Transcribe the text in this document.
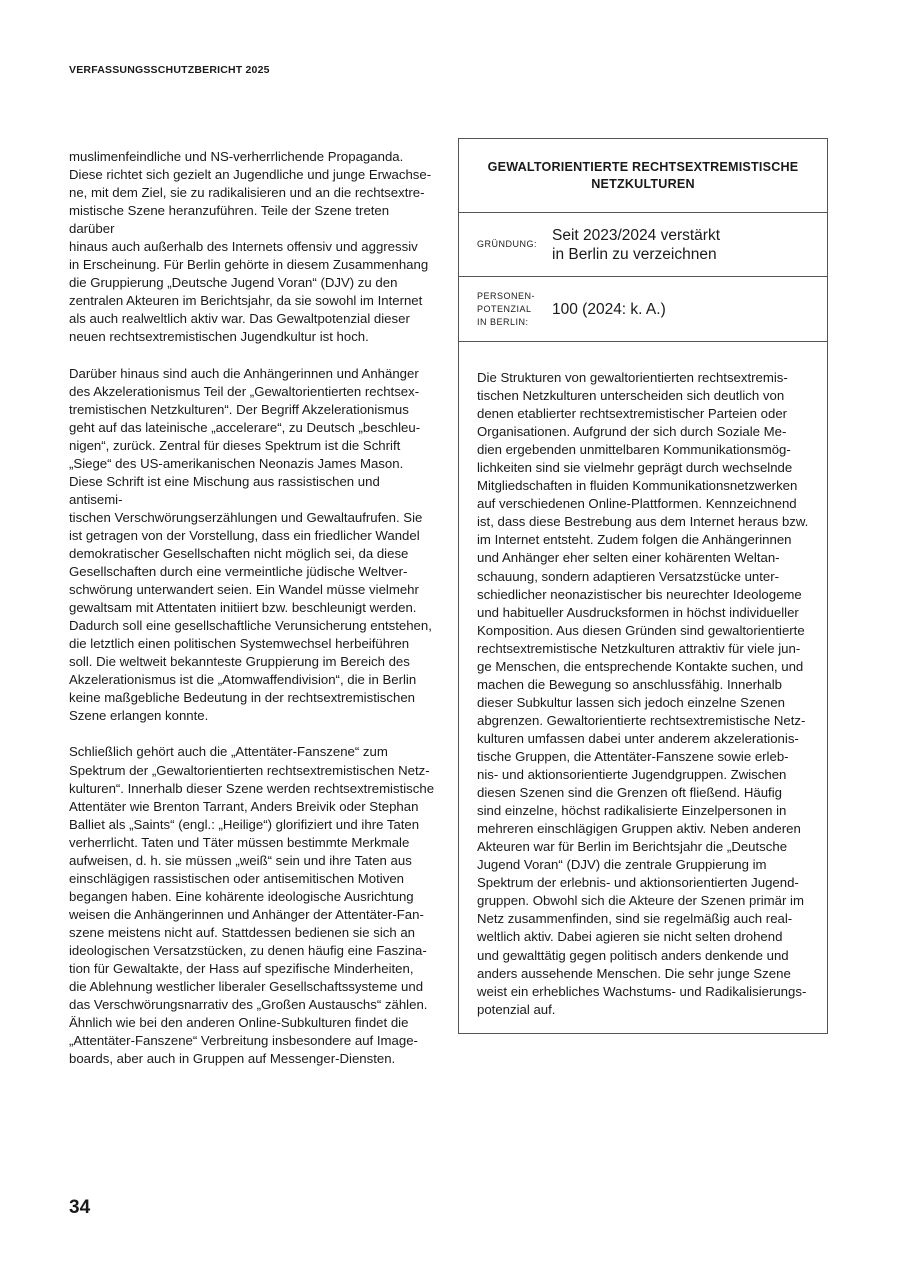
VERFASSUNGSSCHUTZBERICHT 2025

muslimenfeindliche und NS-verherrlichende Propaganda.
Diese richtet sich gezielt an Jugendliche und junge Erwachse-
ne, mit dem Ziel, sie zu radikalisieren und an die rechtsextre-
mistische Szene heranzuführen. Teile der Szene treten darüber
hinaus auch außerhalb des Internets offensiv und aggressiv
in Erscheinung. Für Berlin gehörte in diesem Zusammenhang
die Gruppierung „Deutsche Jugend Voran“ (DJV) zu den
zentralen Akteuren im Berichtsjahr, da sie sowohl im Internet
als auch realweltlich aktiv war. Das Gewaltpotenzial dieser
neuen rechtsextremistischen Jugendkultur ist hoch.

Darüber hinaus sind auch die Anhängerinnen und Anhänger
des Akzelerationismus Teil der „Gewaltorientierten rechtsex-
tremistischen Netzkulturen“. Der Begriff Akzelerationismus
geht auf das lateinische „accelerare“, zu Deutsch „beschleu-
nigen“, zurück. Zentral für dieses Spektrum ist die Schrift
„Siege“ des US-amerikanischen Neonazis James Mason.
Diese Schrift ist eine Mischung aus rassistischen und antisemi-
tischen Verschwörungserzählungen und Gewaltaufrufen. Sie
ist getragen von der Vorstellung, dass ein friedlicher Wandel
demokratischer Gesellschaften nicht möglich sei, da diese
Gesellschaften durch eine vermeintliche jüdische Weltver-
schwörung unterwandert seien. Ein Wandel müsse vielmehr
gewaltsam mit Attentaten initiiert bzw. beschleunigt werden.
Dadurch soll eine gesellschaftliche Verunsicherung entstehen,
die letztlich einen politischen Systemwechsel herbeiführen
soll. Die weltweit bekannteste Gruppierung im Bereich des
Akzelerationismus ist die „Atomwaffendivision“, die in Berlin
keine maßgebliche Bedeutung in der rechtsextremistischen
Szene erlangen konnte.

Schließlich gehört auch die „Attentäter-Fanszene“ zum
Spektrum der „Gewaltorientierten rechtsextremistischen Netz-
kulturen“. Innerhalb dieser Szene werden rechtsextremistische
Attentäter wie Brenton Tarrant, Anders Breivik oder Stephan
Balliet als „Saints“ (engl.: „Heilige“) glorifiziert und ihre Taten
verherrlicht. Taten und Täter müssen bestimmte Merkmale
aufweisen, d. h. sie müssen „weiß“ sein und ihre Taten aus
einschlägigen rassistischen oder antisemitischen Motiven
begangen haben. Eine kohärente ideologische Ausrichtung
weisen die Anhängerinnen und Anhänger der Attentäter-Fan-
szene meistens nicht auf. Stattdessen bedienen sie sich an
ideologischen Versatzstücken, zu denen häufig eine Faszina-
tion für Gewaltakte, der Hass auf spezifische Minderheiten,
die Ablehnung westlicher liberaler Gesellschaftssysteme und
das Verschwörungsnarrativ des „Großen Austauschs“ zählen.
Ähnlich wie bei den anderen Online-Subkulturen findet die
„Attentäter-Fanszene“ Verbreitung insbesondere auf Image-
boards, aber auch in Gruppen auf Messenger-Diensten.

GEWALTORIENTIERTE RECHTSEXTREMISTISCHE
NETZKULTUREN
GRÜNDUNG:
Seit 2023/2024 verstärkt
in Berlin zu verzeichnen
PERSONEN-
POTENZIAL
IN BERLIN:
100 (2024: k. A.)
Die Strukturen von gewaltorientierten rechtsextremis-
tischen Netzkulturen unterscheiden sich deutlich von
denen etablierter rechtsextremistischer Parteien oder
Organisationen. Aufgrund der sich durch Soziale Me-
dien ergebenden unmittelbaren Kommunikationsmög-
lichkeiten sind sie vielmehr geprägt durch wechselnde
Mitgliedschaften in fluiden Kommunikationsnetzwerken
auf verschiedenen Online-Plattformen. Kennzeichnend
ist, dass diese Bestrebung aus dem Internet heraus bzw.
im Internet entsteht. Zudem folgen die Anhängerinnen
und Anhänger eher selten einer kohärenten Weltan-
schauung, sondern adaptieren Versatzstücke unter-
schiedlicher neonazistischer bis neurechter Ideologeme
und habitueller Ausdrucksformen in höchst individueller
Komposition. Aus diesen Gründen sind gewaltorientierte
rechtsextremistische Netzkulturen attraktiv für viele jun-
ge Menschen, die entsprechende Kontakte suchen, und
machen die Bewegung so anschlussfähig. Innerhalb
dieser Subkultur lassen sich jedoch einzelne Szenen
abgrenzen. Gewaltorientierte rechtsextremistische Netz-
kulturen umfassen dabei unter anderem akzelerationis-
tische Gruppen, die Attentäter-Fanszene sowie erleb-
nis- und aktionsorientierte Jugendgruppen. Zwischen
diesen Szenen sind die Grenzen oft fließend. Häufig
sind einzelne, höchst radikalisierte Einzelpersonen in
mehreren einschlägigen Gruppen aktiv. Neben anderen
Akteuren war für Berlin im Berichtsjahr die „Deutsche
Jugend Voran“ (DJV) die zentrale Gruppierung im
Spektrum der erlebnis- und aktionsorientierten Jugend-
gruppen. Obwohl sich die Akteure der Szenen primär im
Netz zusammenfinden, sind sie regelmäßig auch real-
weltlich aktiv. Dabei agieren sie nicht selten drohend
und gewalttätig gegen politisch anders denkende und
anders aussehende Menschen. Die sehr junge Szene
weist ein erhebliches Wachstums- und Radikalisierungs-
potenzial auf.
34
